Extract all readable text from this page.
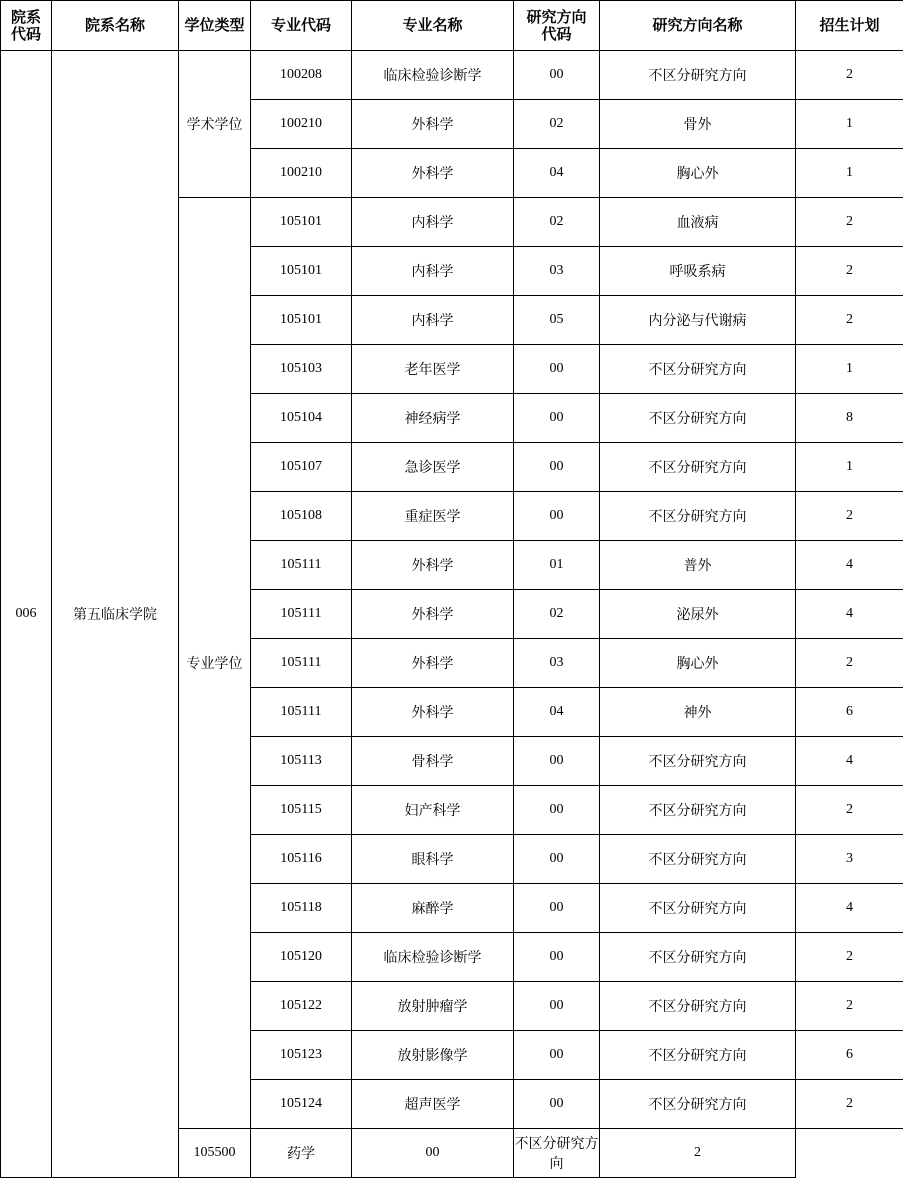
院系代码	院系名称	学位类型	专业代码	专业名称	研究方向代码	研究方向名称	招生计划
006	第五临床学院	学术学位	100208	临床检验诊断学	00	不区分研究方向	2
			100210	外科学	02	骨外	1
			100210	外科学	04	胸心外	1
		专业学位	105101	内科学	02	血液病	2
			105101	内科学	03	呼吸系病	2
			105101	内科学	05	内分泌与代谢病	2
			105103	老年医学	00	不区分研究方向	1
			105104	神经病学	00	不区分研究方向	8
			105107	急诊医学	00	不区分研究方向	1
			105108	重症医学	00	不区分研究方向	2
			105111	外科学	01	普外	4
			105111	外科学	02	泌尿外	4
			105111	外科学	03	胸心外	2
			105111	外科学	04	神外	6
			105113	骨科学	00	不区分研究方向	4
			105115	妇产科学	00	不区分研究方向	2
			105116	眼科学	00	不区分研究方向	3
			105118	麻醉学	00	不区分研究方向	4
			105120	临床检验诊断学	00	不区分研究方向	2
			105122	放射肿瘤学	00	不区分研究方向	2
			105123	放射影像学	00	不区分研究方向	6
			105124	超声医学	00	不区分研究方向	2
		105500	药学	00	不区分研究方向	2	
